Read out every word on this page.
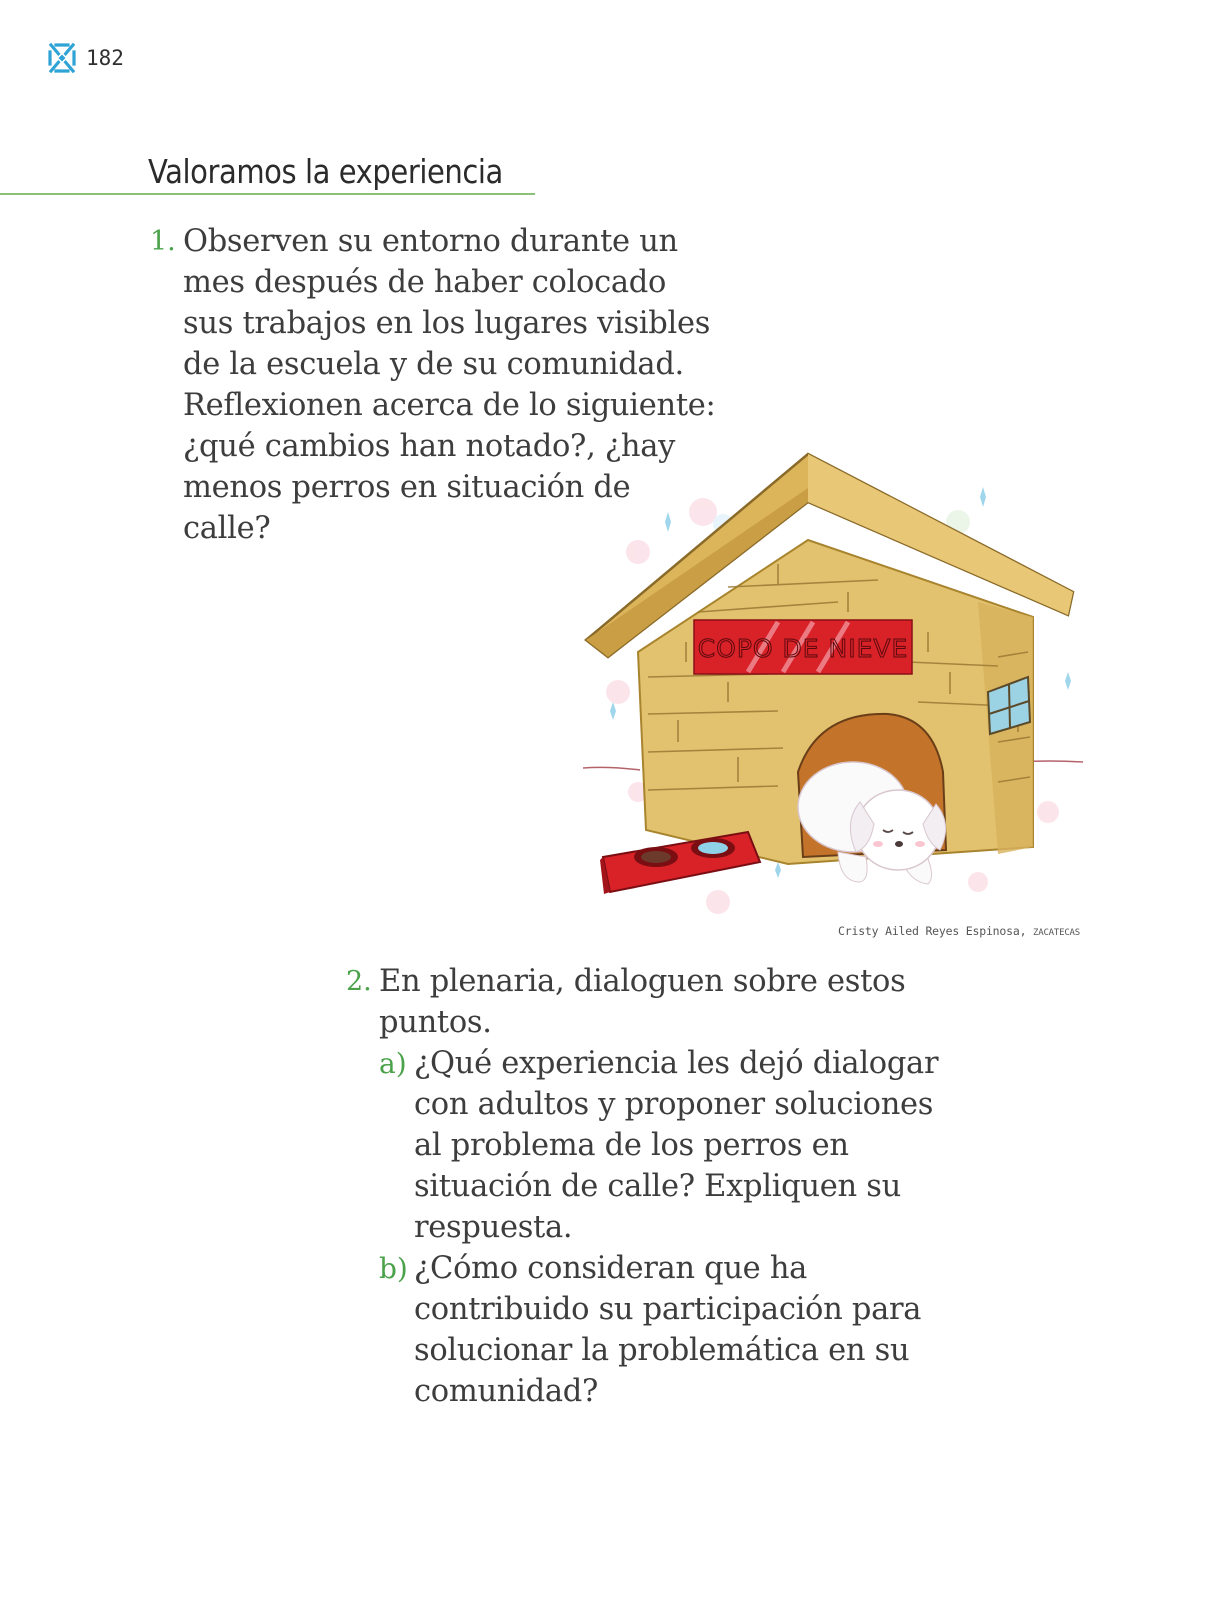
182
Valoramos la experiencia
1. Observen su entorno durante un
mes después de haber colocado
sus trabajos en los lugares visibles
de la escuela y de su comunidad.
Reflexionen acerca de lo siguiente:
¿qué cambios han notado?, ¿hay
menos perros en situación de
calle?
COPO DE NIEVE
Cristy Ailed Reyes Espinosa, ZACATECAS
2. En plenaria, dialoguen sobre estos
puntos.
a) ¿Qué experiencia les dejó dialogar
con adultos y proponer soluciones
al problema de los perros en
situación de calle? Expliquen su
respuesta.
b) ¿Cómo consideran que ha
contribuido su participación para
solucionar la problemática en su
comunidad?
